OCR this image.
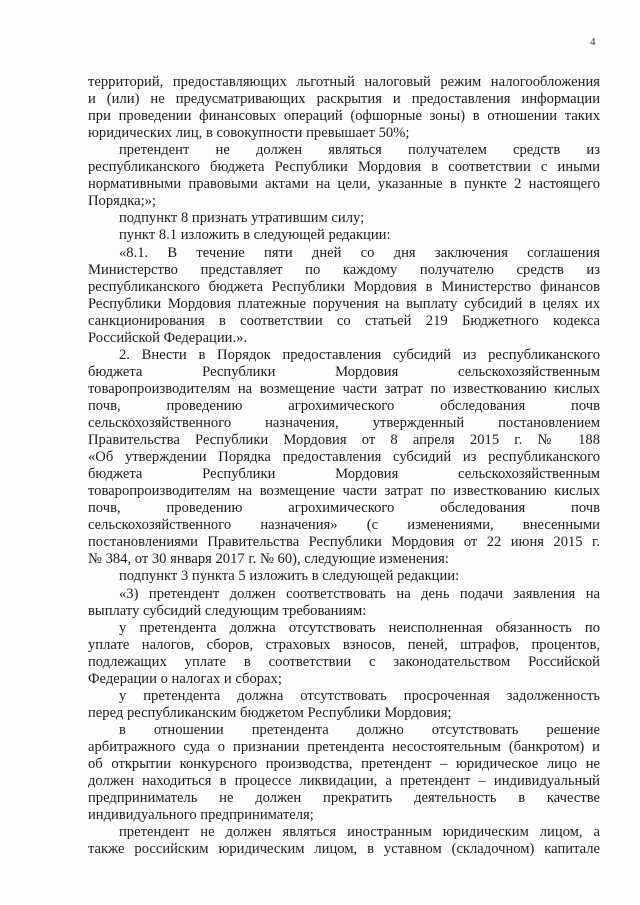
4
территорий, предоставляющих льготный налоговый режим налогообложения
и (или) не предусматривающих раскрытия и предоставления информации
при проведении финансовых операций (офшорные зоны) в отношении таких
юридических лиц, в совокупности превышает 50%;
претендент не должен являться получателем средств из
республиканского бюджета Республики Мордовия в соответствии с иными
нормативными правовыми актами на цели, указанные в пункте 2 настоящего
Порядка;»;
подпункт 8 признать утратившим силу;
пункт 8.1 изложить в следующей редакции:
«8.1. В течение пяти дней со дня заключения соглашения
Министерство представляет по каждому получателю средств из
республиканского бюджета Республики Мордовия в Министерство финансов
Республики Мордовия платежные поручения на выплату субсидий в целях их
санкционирования в соответствии со статьей 219 Бюджетного кодекса
Российской Федерации.».
2. Внести в Порядок предоставления субсидий из республиканского
бюджета Республики Мордовия сельскохозяйственным
товаропроизводителям на возмещение части затрат по известкованию кислых
почв, проведению агрохимического обследования почв
сельскохозяйственного назначения, утвержденный постановлением
Правительства Республики Мордовия от 8 апреля 2015 г. № 188
«Об утверждении Порядка предоставления субсидий из республиканского
бюджета Республики Мордовия сельскохозяйственным
товаропроизводителям на возмещение части затрат по известкованию кислых
почв, проведению агрохимического обследования почв
сельскохозяйственного назначения» (с изменениями, внесенными
постановлениями Правительства Республики Мордовия от 22 июня 2015 г.
№ 384, от 30 января 2017 г. № 60), следующие изменения:
подпункт 3 пункта 5 изложить в следующей редакции:
«3) претендент должен соответствовать на день подачи заявления на
выплату субсидий следующим требованиям:
у претендента должна отсутствовать неисполненная обязанность по
уплате налогов, сборов, страховых взносов, пеней, штрафов, процентов,
подлежащих уплате в соответствии с законодательством Российской
Федерации о налогах и сборах;
у претендента должна отсутствовать просроченная задолженность
перед республиканским бюджетом Республики Мордовия;
в отношении претендента должно отсутствовать решение
арбитражного суда о признании претендента несостоятельным (банкротом) и
об открытии конкурсного производства, претендент – юридическое лицо не
должен находиться в процессе ликвидации, а претендент – индивидуальный
предприниматель не должен прекратить деятельность в качестве
индивидуального предпринимателя;
претендент не должен являться иностранным юридическим лицом, а
также российским юридическим лицом, в уставном (складочном) капитале
